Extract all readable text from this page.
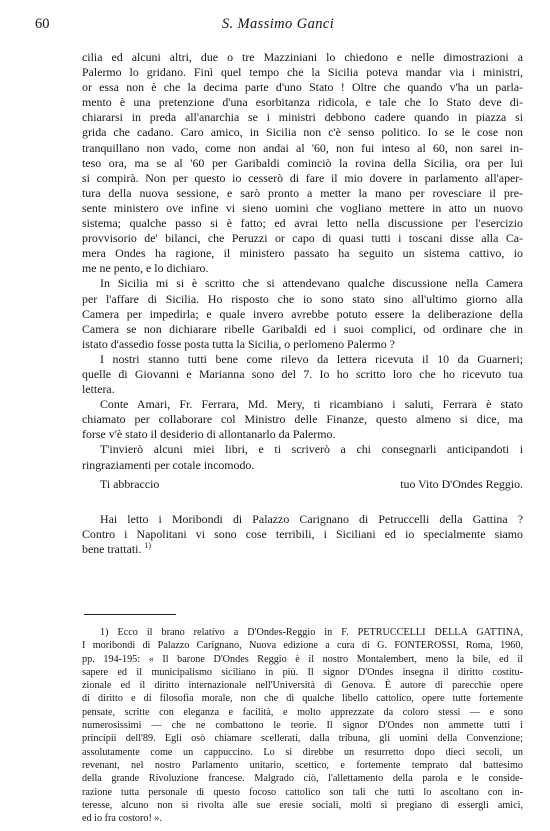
60	S. Massimo Ganci
cilia ed alcuni altri, due o tre Mazziniani lo chiedono e nelle dimostrazioni a
Palermo lo gridano. Finì quel tempo che la Sicilia poteva mandar via i ministri,
or essa non è che la decima parte d'uno Stato ! Oltre che quando v'ha un parla-
mento è una pretenzione d'una esorbitanza ridicola, e tale che lo Stato deve di-
chiararsi in preda all'anarchia se i ministri debbono cadere quando in piazza si
grida che cadano. Caro amico, in Sicilia non c'è senso politico. Io se le cose non
tranquillano non vado, come non andai al '60, non fui inteso al 60, non sarei in-
teso ora, ma se al '60 per Garibaldi cominciò la rovina della Sicilia, ora per lui
si compirà. Non per questo io cesserò di fare il mio dovere in parlamento all'aper-
tura della nuova sessione, e sarò pronto a metter la mano per rovesciare il pre-
sente ministero ove infine vi sieno uomini che vogliano mettere in atto un nuovo
sistema; qualche passo si è fatto; ed avrai letto nella discussione per l'esercizio
provvisorio de' bilanci, che Peruzzi or capo di quasi tutti i toscani disse alla Ca-
mera Ondes ha ragione, il ministero passato ha seguito un sistema cattivo, io
me ne pento, e lo dichiaro.
In Sicilia mi si è scritto che si attendevano qualche discussione nella Camera
per l'affare di Sicilia. Ho risposto che io sono stato sino all'ultimo giorno alla
Camera per impedirla; e quale invero avrebbe potuto essere la deliberazione della
Camera se non dichiarare ribelle Garibaldi ed i suoi complici, od ordinare che in
istato d'assedio fosse posta tutta la Sicilia, o perlomeno Palermo ?
I nostri stanno tutti bene come rilevo da lettera ricevuta il 10 da Guarneri;
quelle di Giovanni e Marianna sono del 7. Io ho scritto loro che ho ricevuto tua
lettera.
Conte Amari, Fr. Ferrara, Md. Mery, ti ricambiano i saluti, Ferrara è stato
chiamato per collaborare col Ministro delle Finanze, questo almeno si dice, ma
forse v'è stato il desiderio di allontanarlo da Palermo.
T'invierò alcuni miei libri, e ti scriverò a chi consegnarli anticipandoti i
ringraziamenti per cotale incomodo.
Ti abbraccio	tuo Vito D'Ondes Reggio.
Hai letto i Moribondi di Palazzo Carignano di Petruccelli della Gattina ?
Contro i Napolitani vi sono cose terribili, i Siciliani ed io specialmente siamo
bene trattati. $^{1)}$
1) Ecco il brano relativo a D'Ondes-Reggio in F. PETRUCCELLI DELLA GATTINA,
I moribondi di Palazzo Carignano, Nuova edizione a cura di G. FONTEROSSI, Roma, 1960,
pp. 194-195: « Il barone D'Ondes Reggio è il nostro Montalembert, meno la bile, ed il
sapere ed il municipalismo siciliano in più. Il signor D'Ondes insegna il diritto costitu-
zionale ed il diritto internazionale nell'Università di Genova. È autore di parecchie opere
di diritto e di filosofia morale, non che di qualche libello cattolico, opere tutte fortemente
pensate, scritte con eleganza e facilità, e molto apprezzate da coloro stessi — e sono
numerosissimi — che ne combattono le teorie. Il signor D'Ondes non ammette tutti i
principii dell'89. Egli osò chiamare scellerati, dalla tribuna, gli uomini della Convenzione;
assolutamente come un cappuccino. Lo si direbbe un resurretto dopo dieci secoli, un
revenant, nel nostro Parlamento unitario, scettico, e fortemente temprato dal battesimo
della grande Rivoluzione francese. Malgrado ciò, l'allettamento della parola e le conside-
razione tutta personale di questo focoso cattolico son tali che tutti lo ascoltano con in-
teresse, alcuno non si rivolta alle sue eresie sociali, molti si pregiano di essergli amici,
ed io fra costoro! ».
